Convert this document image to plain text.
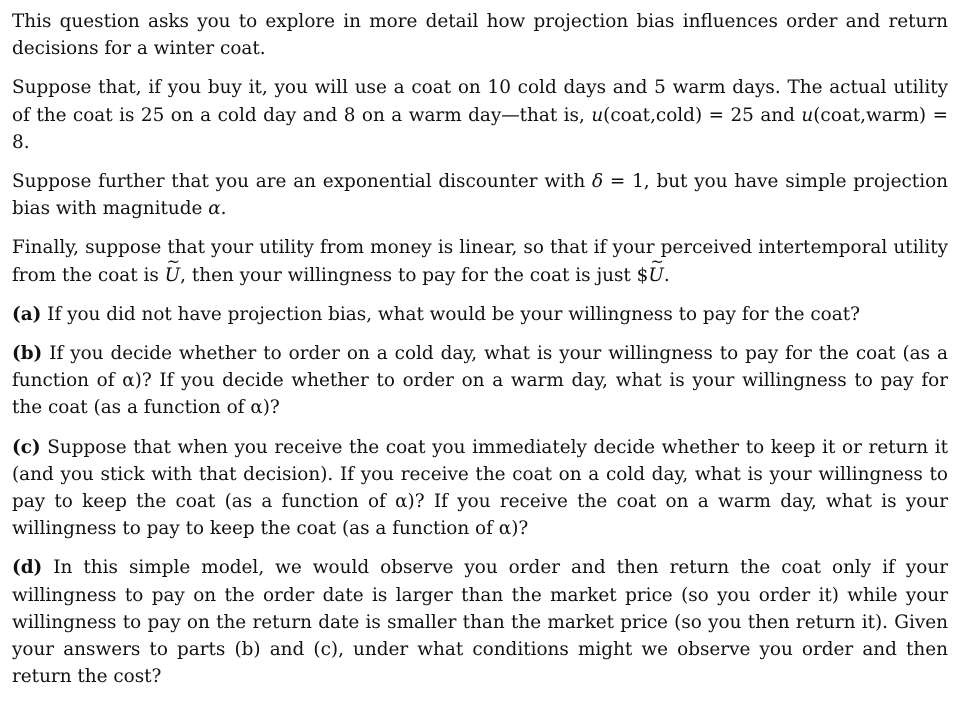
This question asks you to explore in more detail how projection bias influences order and return decisions for a winter coat.

Suppose that, if you buy it, you will use a coat on 10 cold days and 5 warm days. The actual utility of the coat is 25 on a cold day and 8 on a warm day—that is, u(coat,cold) = 25 and u(coat,warm) = 8.

Suppose further that you are an exponential discounter with δ = 1, but you have simple projection bias with magnitude α.

Finally, suppose that your utility from money is linear, so that if your perceived intertemporal utility from the coat is ~ U, then your willingness to pay for the coat is just $~ U.

(a) If you did not have projection bias, what would be your willingness to pay for the coat?

(b) If you decide whether to order on a cold day, what is your willingness to pay for the coat (as a function of α)? If you decide whether to order on a warm day, what is your willingness to pay for the coat (as a function of α)?

(c) Suppose that when you receive the coat you immediately decide whether to keep it or return it (and you stick with that decision). If you receive the coat on a cold day, what is your willingness to pay to keep the coat (as a function of α)? If you receive the coat on a warm day, what is your willingness to pay to keep the coat (as a function of α)?

(d) In this simple model, we would observe you order and then return the coat only if your willingness to pay on the order date is larger than the market price (so you order it) while your willingness to pay on the return date is smaller than the market price (so you then return it). Given your answers to parts (b) and (c), under what conditions might we observe you order and then return the cost?
